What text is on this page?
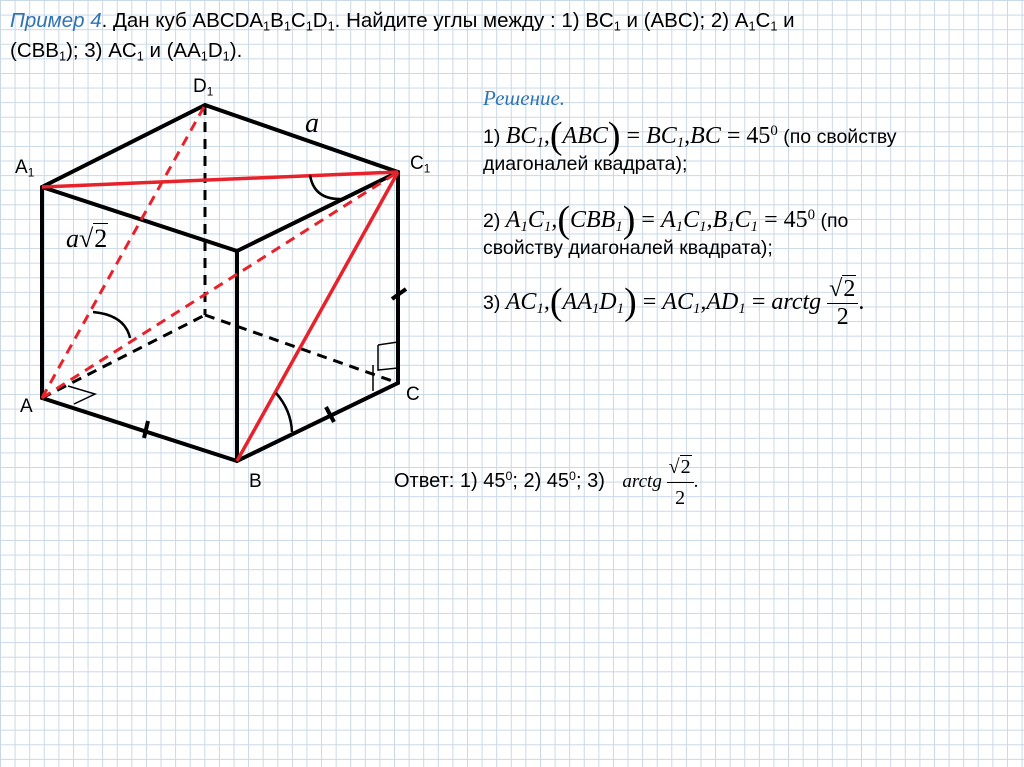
Пример 4. Дан куб $ABCDA_1B_1C_1D_1$. Найдите углы между : 1) $BC_1$ и (ABC); 2) $A_1C_1$ и
$(CBB_1)$; 3) $AC_1$ и $(AA_1D_1)$.
$D_1$
$A_1$	$C_1$
A
B
C
a
a√2
Решение.
1) $BC_1,(ABC) = BC_1,BC = 45^0$ (по свойству
диагоналей квадрата);
2) $A_1C_1,(CBB_1) = A_1C_1,B_1C_1 = 45^0$ (по
свойству диагоналей квадрата);
3) $AC_1,(AA_1D_1) = AC_1,AD_1$ = arctg $\frac{√2}{2}$ .
Ответ: 1) $45^0$; 2) $45^0$; 3) arctg $\frac{√2}{2}$ .
